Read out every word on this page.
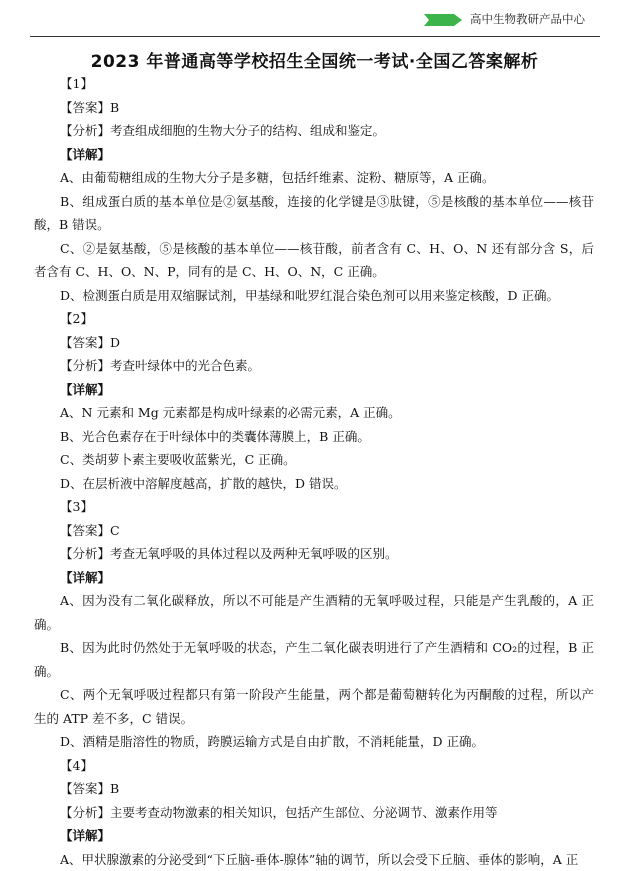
高中生物教研产品中心
2023 年普通高等学校招生全国统一考试·全国乙答案解析

【1】

【答案】B

【分析】考查组成细胞的生物大分子的结构、组成和鉴定。

【详解】

A、由葡萄糖组成的生物大分子是多糖，包括纤维素、淀粉、糖原等，A 正确。

B、组成蛋白质的基本单位是②氨基酸，连接的化学键是③肽键，⑤是核酸的基本单位——核苷酸，B 错误。

C、②是氨基酸，⑤是核酸的基本单位——核苷酸，前者含有 C、H、O、N 还有部分含 S，后者含有 C、H、O、N、P，同有的是 C、H、O、N，C 正确。

D、检测蛋白质是用双缩脲试剂，甲基绿和吡罗红混合染色剂可以用来鉴定核酸，D 正确。

【2】

【答案】D

【分析】考查叶绿体中的光合色素。

【详解】

A、N 元素和 Mg 元素都是构成叶绿素的必需元素，A 正确。

B、光合色素存在于叶绿体中的类囊体薄膜上，B 正确。

C、类胡萝卜素主要吸收蓝紫光，C 正确。

D、在层析液中溶解度越高，扩散的越快，D 错误。

【3】

【答案】C

【分析】考查无氧呼吸的具体过程以及两种无氧呼吸的区别。

【详解】

A、因为没有二氧化碳释放，所以不可能是产生酒精的无氧呼吸过程，只能是产生乳酸的，A 正确。

B、因为此时仍然处于无氧呼吸的状态，产生二氧化碳表明进行了产生酒精和 CO₂的过程，B 正确。

C、两个无氧呼吸过程都只有第一阶段产生能量，两个都是葡萄糖转化为丙酮酸的过程，所以产生的 ATP 差不多，C 错误。

D、酒精是脂溶性的物质，跨膜运输方式是自由扩散，不消耗能量，D 正确。

【4】

【答案】B

【分析】主要考查动物激素的相关知识，包括产生部位、分泌调节、激素作用等

【详解】

A、甲状腺激素的分泌受到“下丘脑-垂体-腺体”轴的调节，所以会受下丘脑、垂体的影响，A 正
